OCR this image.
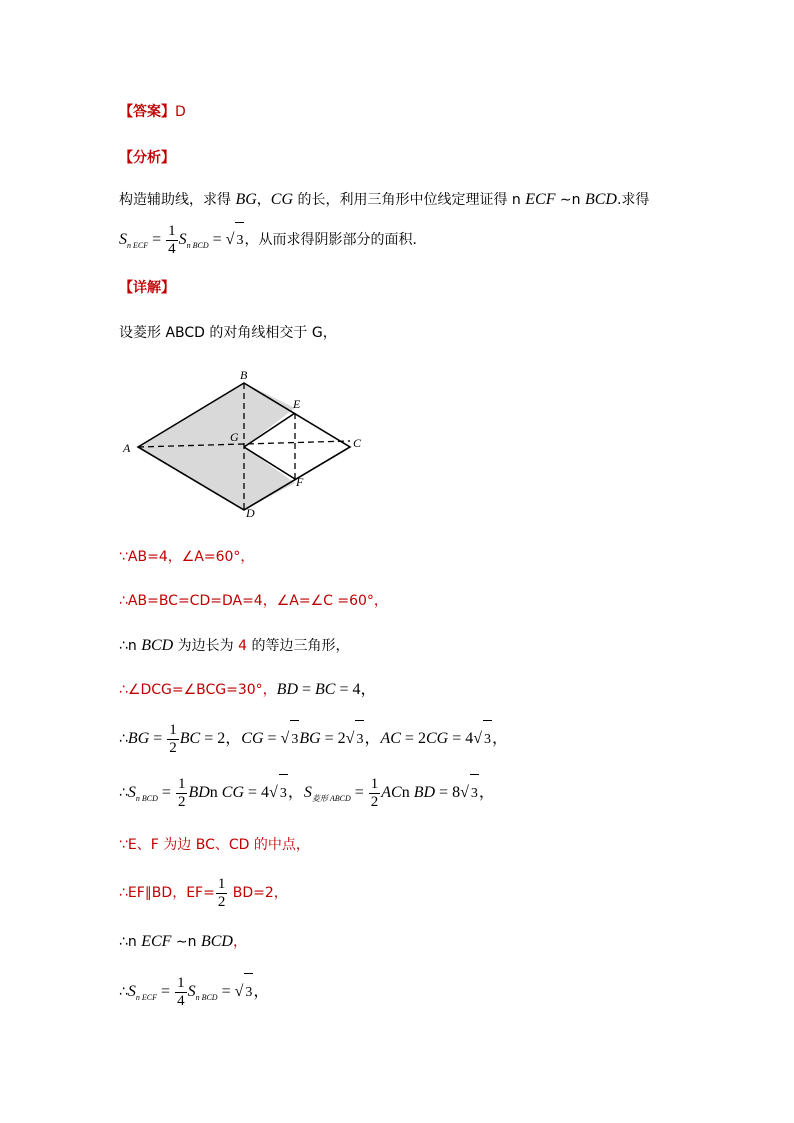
【答案】D
【分析】
构造辅助线，求得 BG，CG 的长，利用三角形中位线定理证得 n ECF ∼n BCD.求得
$S_{n ECF} = \frac{1}{4} S_{n BCD}$ = √ 3，从而求得阴影部分的面积．
【详解】
设菱形 ABCD 的对角线相交于 G，
A
B
C
D
E
F
G
∵AB=4，∠A=60°，
∴AB=BC=CD=DA=4，∠A=∠C =60°，
∴n BCD 为边长为 4 的等边三角形，
∴∠DCG=∠BCG=30°，BD = BC = 4，
∴BG = $\frac{1}{2}$ BC = 2，CG = √ 3BG = 2√ 3，AC = 2CG = 4√ 3，
$\therefore S_{n BCD} = \frac{1}{2}$ BDn CG = 4√ 3，$S_{菱形 ABCD} = \frac{1}{2}$ ACn BD = 8√ 3，
∵E、F 为边 BC、CD 的中点，
∴EF∥BD，$EF= \frac{1}{2} BD=2$，
∴n ECF ∼n BCD，
$\therefore S_{n ECF} = \frac{1}{4} S_{n BCD}$ = √ 3，
